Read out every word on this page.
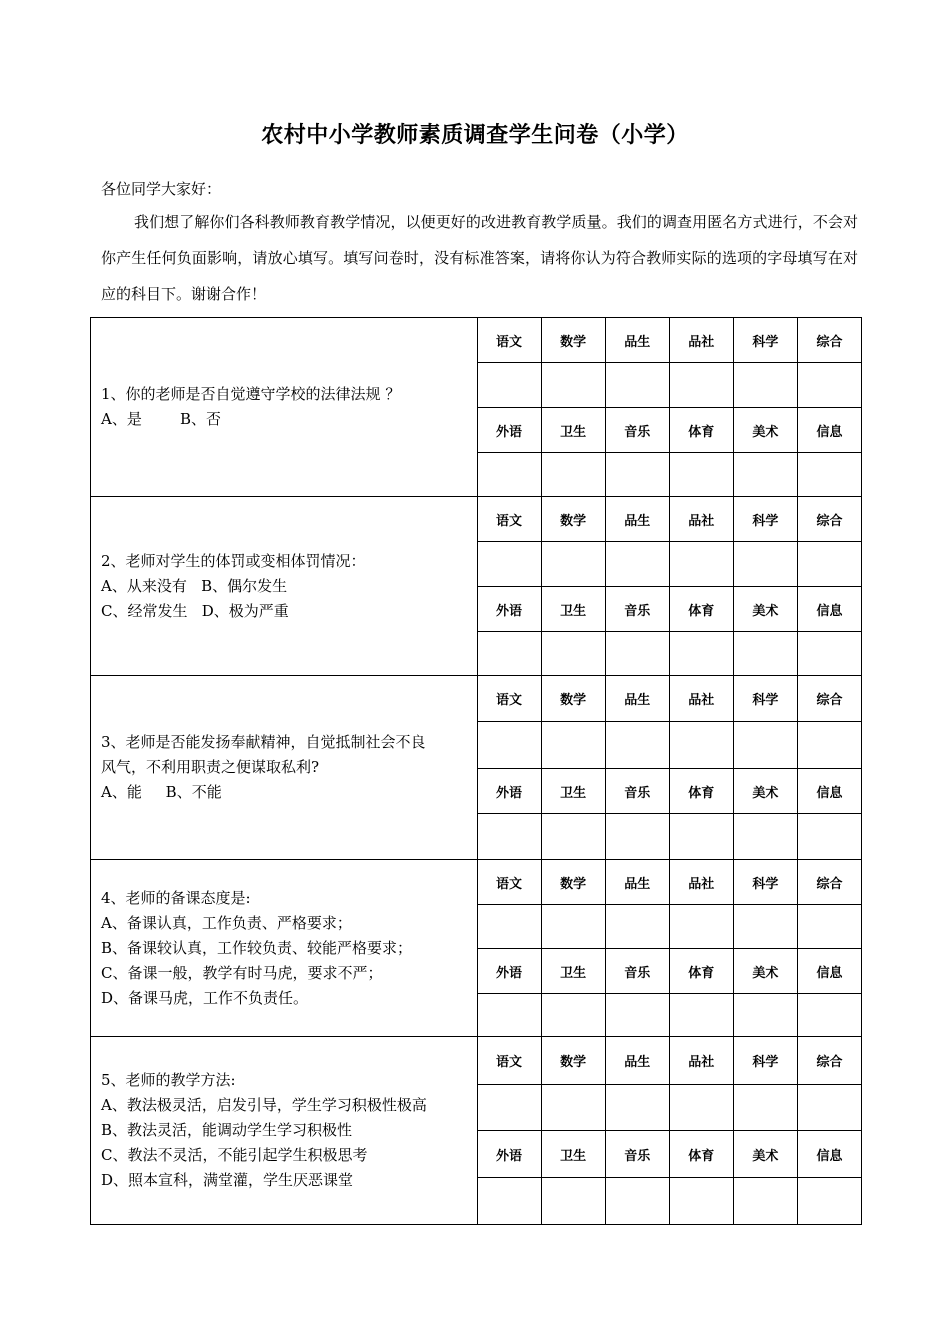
农村中小学教师素质调查学生问卷（小学）
各位同学大家好：
我们想了解你们各科教师教育教学情况，以便更好的改进教育教学质量。我们的调查用匿名方式进行，不会对你产生任何负面影响，请放心填写。填写问卷时，没有标准答案，请将你认为符合教师实际的选项的字母填写在对应的科目下。谢谢合作！
1、你的老师是否自觉遵守学校的法律法规 ？
A、是        B、否	语文	数学	品生	品社	科学	综合

	外语	卫生	音乐	体育	美术	信息

2、老师对学生的体罚或变相体罚情况：
A、从来没有   B、偶尔发生
C、经常发生   D、极为严重	语文	数学	品生	品社	科学	综合

	外语	卫生	音乐	体育	美术	信息

3、老师是否能发扬奉献精神，自觉抵制社会不良
风气，不利用职责之便谋取私利?
A、能     B、不能	语文	数学	品生	品社	科学	综合

	外语	卫生	音乐	体育	美术	信息

4、老师的备课态度是:
A、备课认真，工作负责、严格要求；
B、备课较认真，工作较负责、较能严格要求；
C、备课一般，教学有时马虎，要求不严；
D、备课马虎，工作不负责任。	语文	数学	品生	品社	科学	综合

	外语	卫生	音乐	体育	美术	信息

5、老师的教学方法:
A、教法极灵活，启发引导，学生学习积极性极高
B、教法灵活，能调动学生学习积极性
C、教法不灵活，不能引起学生积极思考
D、照本宣科，满堂灌，学生厌恶课堂	语文	数学	品生	品社	科学	综合

	外语	卫生	音乐	体育	美术	信息
